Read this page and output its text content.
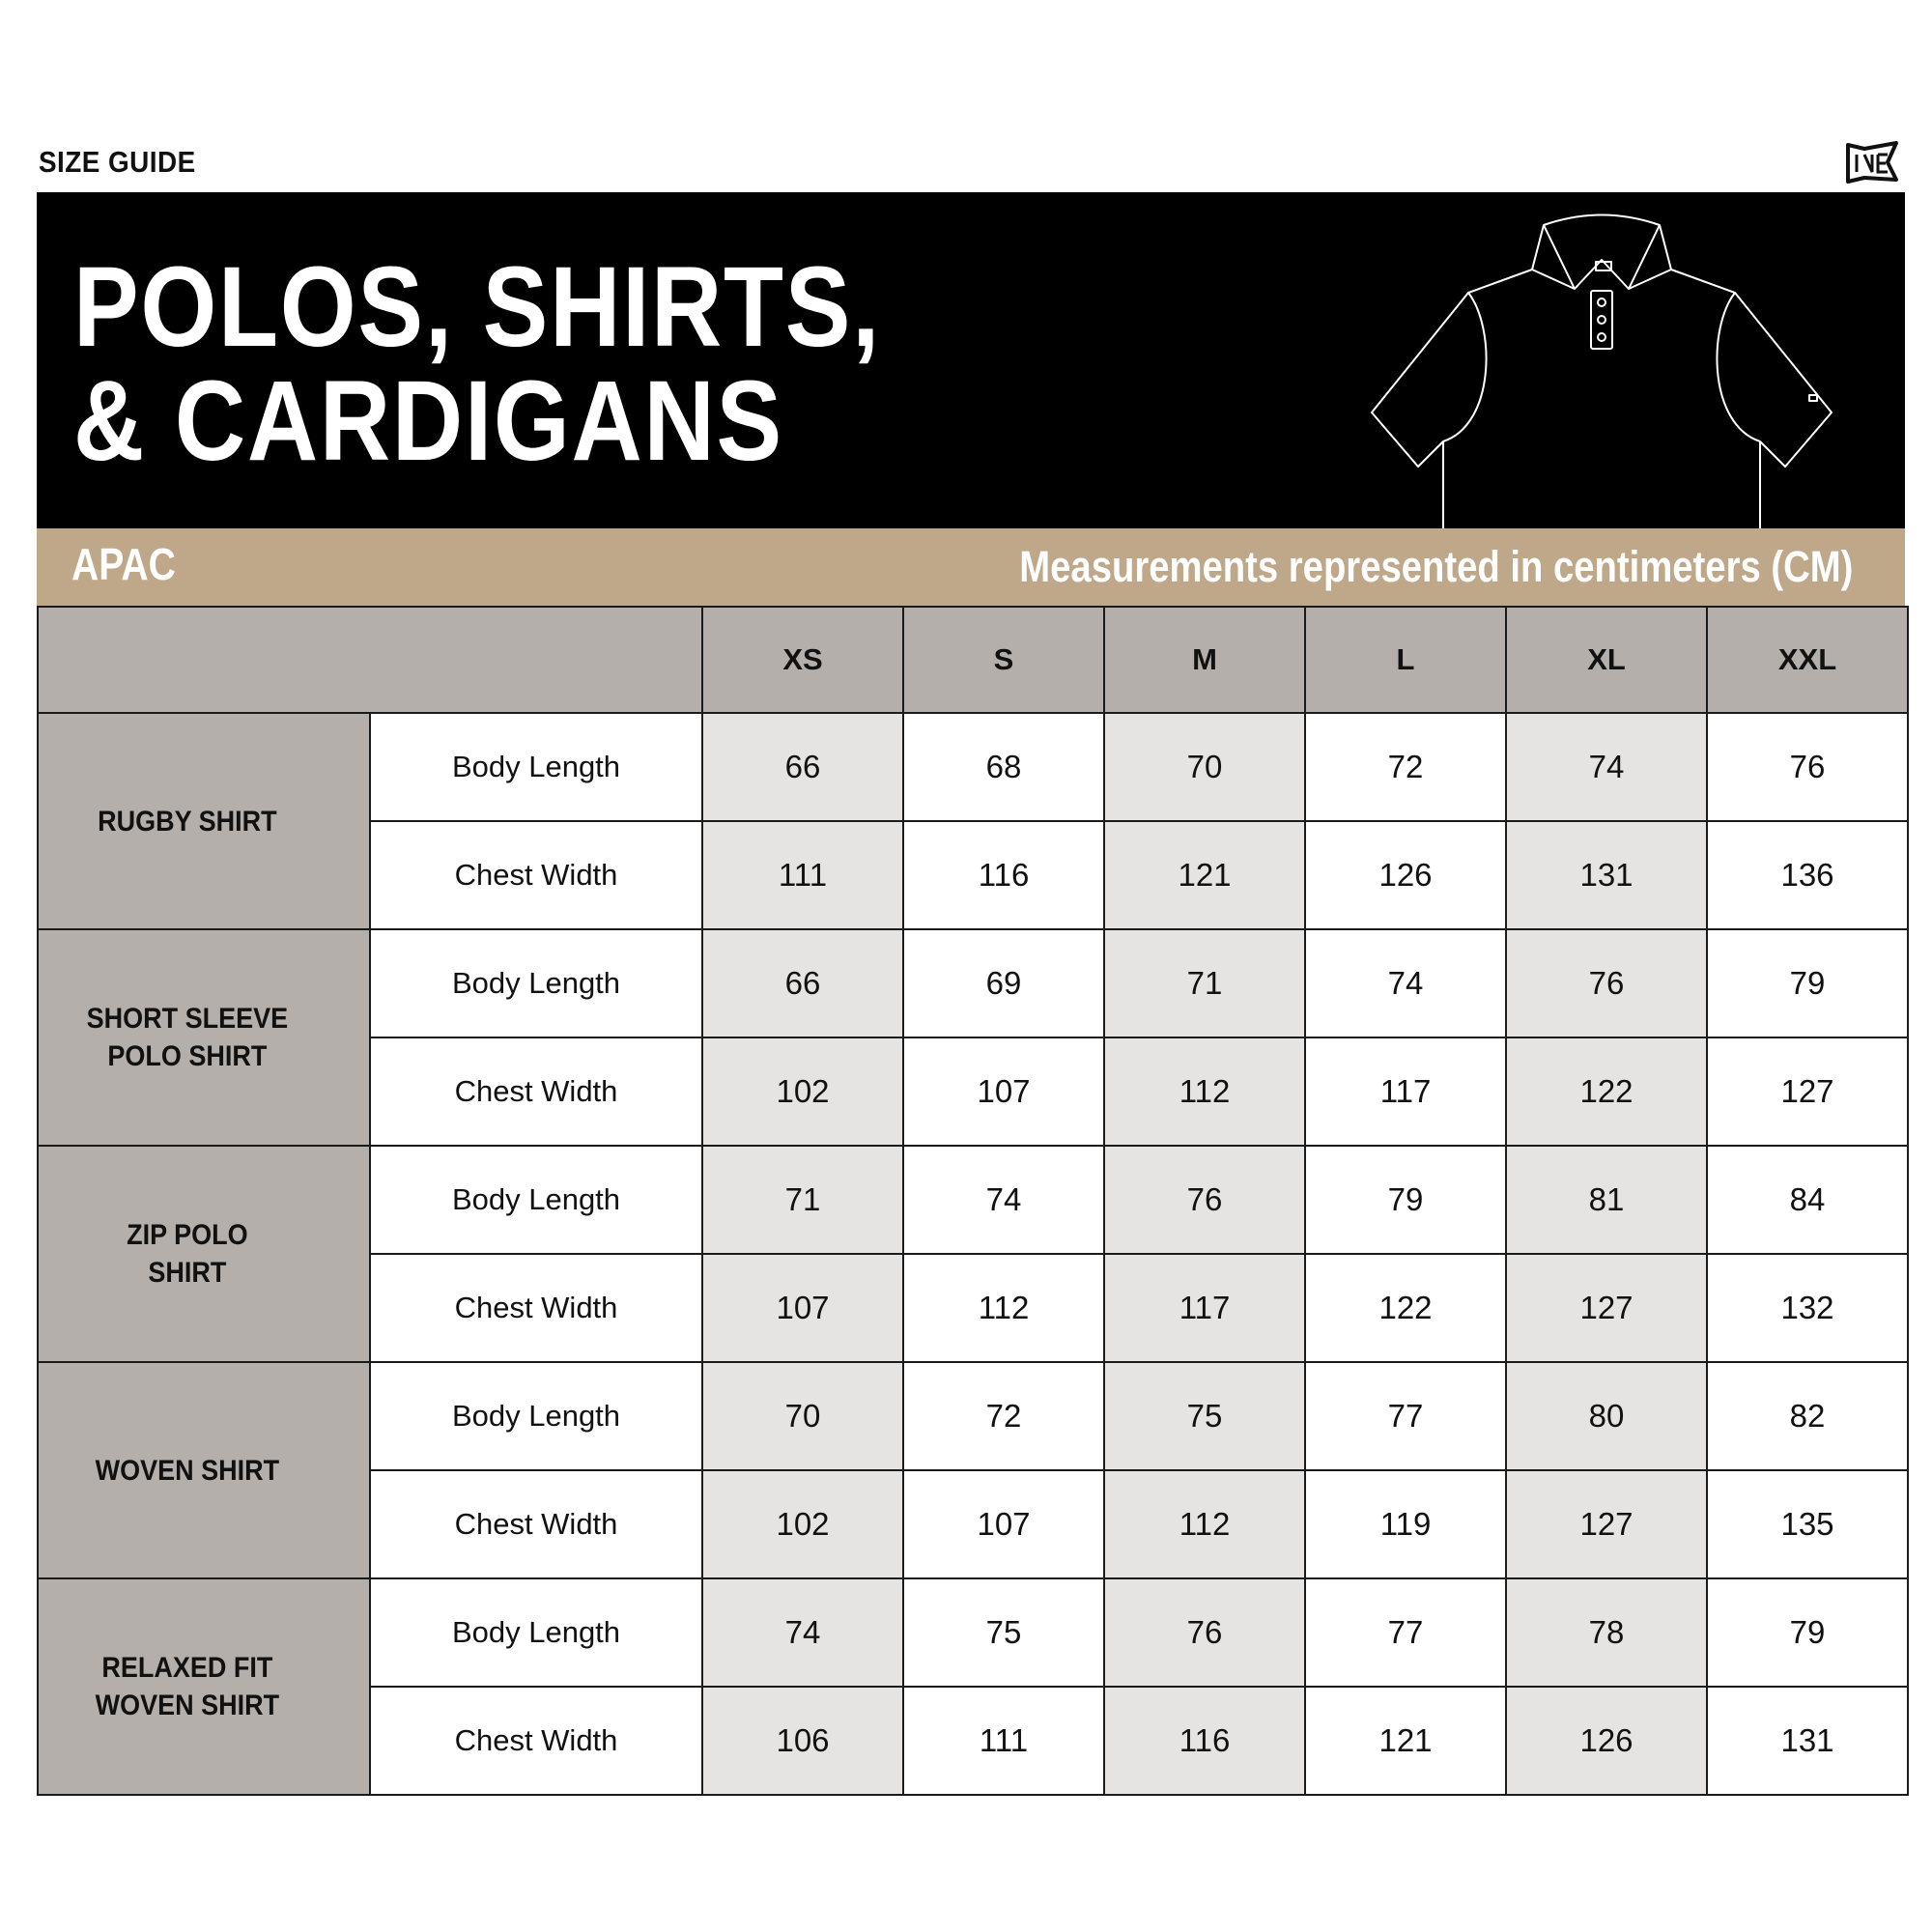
SIZE GUIDE
POLOS, SHIRTS,
& CARDIGANS
APAC	Measurements represented in centimeters (CM)
		XS	S	M	L	XL	XXL

RUGBY SHIRT	Body Length	66	68	70	72	74	76
	Chest Width	111	116	121	126	131	136

SHORT SLEEVE
POLO SHIRT	Body Length	66	69	71	74	76	79
	Chest Width	102	107	112	117	122	127

ZIP POLO
SHIRT	Body Length	71	74	76	79	81	84
	Chest Width	107	112	117	122	127	132

WOVEN SHIRT	Body Length	70	72	75	77	80	82
	Chest Width	102	107	112	119	127	135

RELAXED FIT
WOVEN SHIRT	Body Length	74	75	76	77	78	79
	Chest Width	106	111	116	121	126	131
